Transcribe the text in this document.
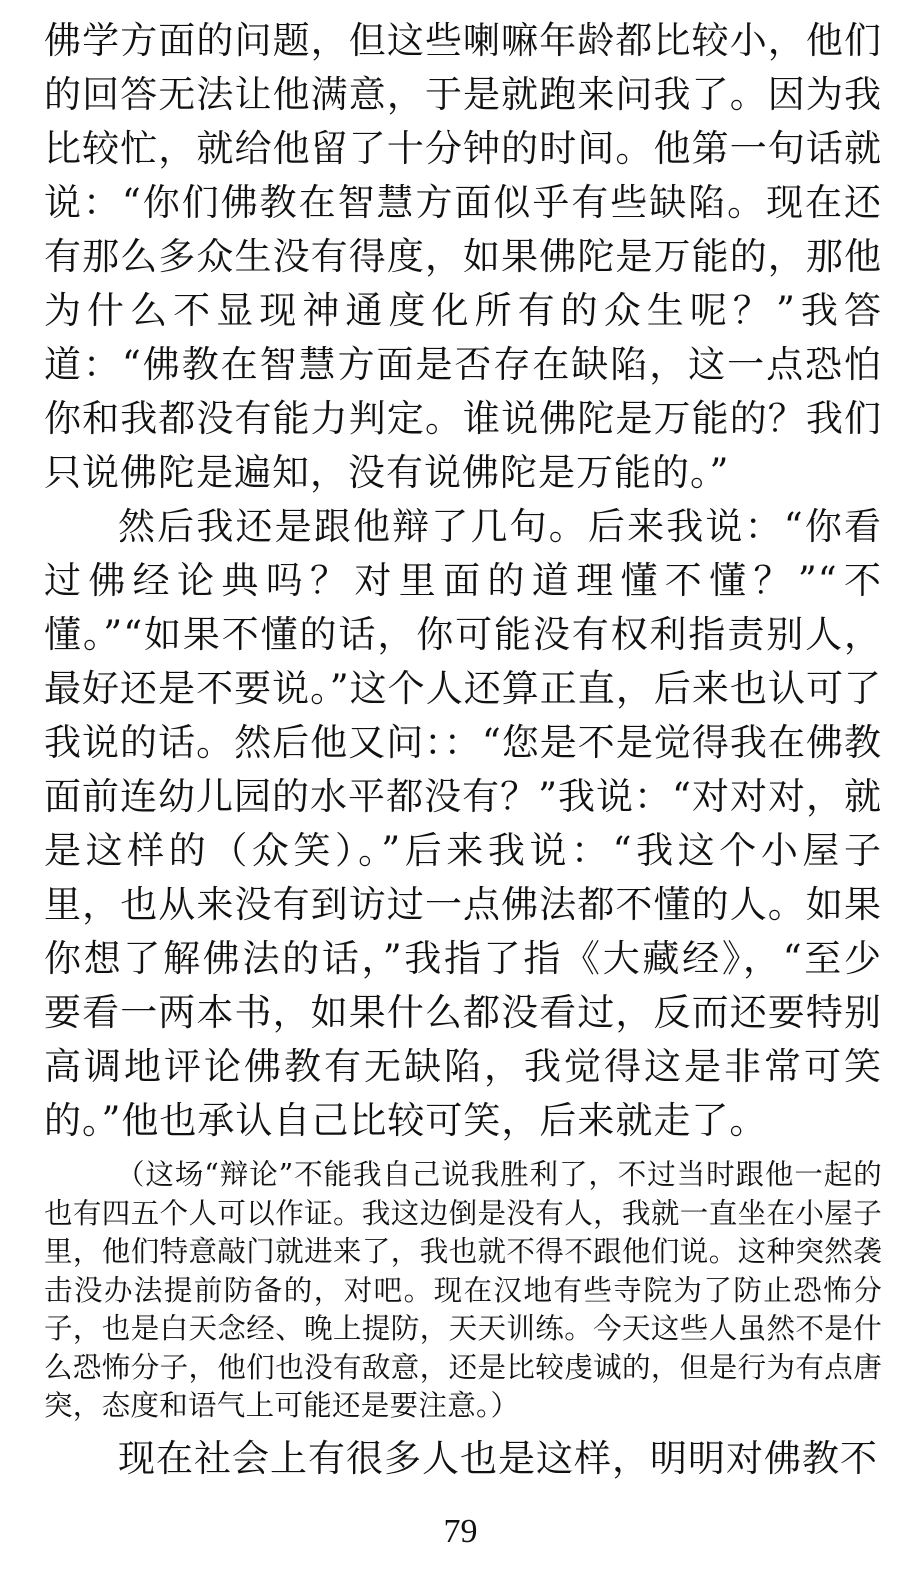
佛学方面的问题，但这些喇嘛年龄都比较小，他们的回答无法让他满意，于是就跑来问我了。因为我比较忙，就给他留了十分钟的时间。他第一句话就说：“你们佛教在智慧方面似乎有些缺陷。现在还有那么多众生没有得度，如果佛陀是万能的，那他为什么不显现神通度化所有的众生呢？”我答道：“佛教在智慧方面是否存在缺陷，这一点恐怕你和我都没有能力判定。谁说佛陀是万能的？我们只说佛陀是遍知，没有说佛陀是万能的。”

然后我还是跟他辩了几句。后来我说：“你看过佛经论典吗？对里面的道理懂不懂？”“不懂。”“如果不懂的话，你可能没有权利指责别人，最好还是不要说。”这个人还算正直，后来也认可了我说的话。然后他又问：：“您是不是觉得我在佛教面前连幼儿园的水平都没有？”我说：“对对对，就是这样的（众笑）。”后来我说：“我这个小屋子里，也从来没有到访过一点佛法都不懂的人。如果你想了解佛法的话，”我指了指《大藏经》，“至少要看一两本书，如果什么都没看过，反而还要特别高调地评论佛教有无缺陷，我觉得这是非常可笑的。”他也承认自己比较可笑，后来就走了。

（这场“辩论”不能我自己说我胜利了，不过当时跟他一起的也有四五个人可以作证。我这边倒是没有人，我就一直坐在小屋子里，他们特意敲门就进来了，我也就不得不跟他们说。这种突然袭击没办法提前防备的，对吧。现在汉地有些寺院为了防止恐怖分子，也是白天念经、晚上提防，天天训练。今天这些人虽然不是什么恐怖分子，他们也没有敌意，还是比较虔诚的，但是行为有点唐突，态度和语气上可能还是要注意。）

现在社会上有很多人也是这样，明明对佛教不

79
